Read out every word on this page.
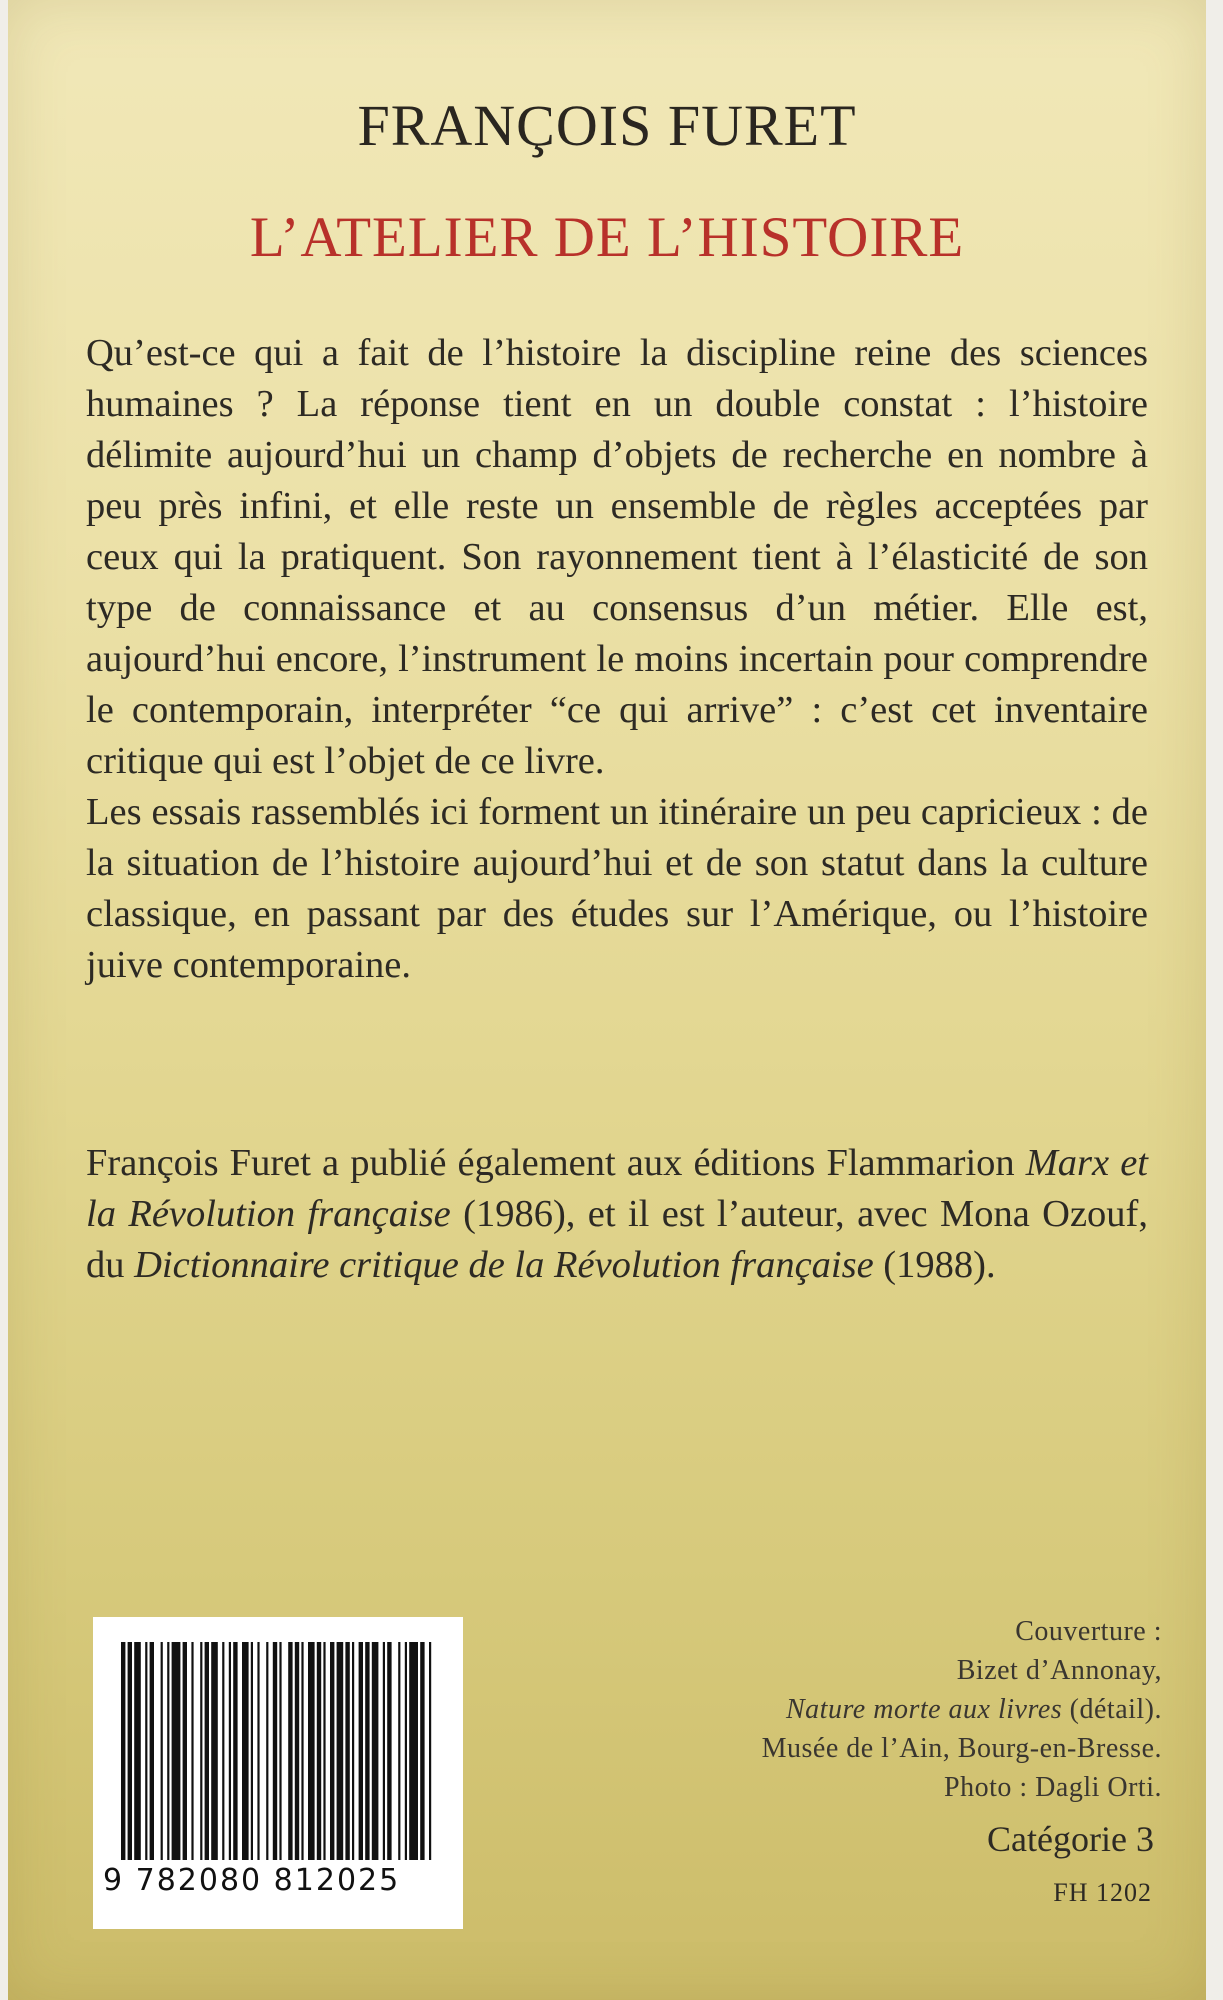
FRANÇOIS FURET
L’ATELIER DE L’HISTOIRE

Qu’est-ce qui a fait de l’histoire la discipline reine des sciences humaines ? La réponse tient en un double constat : l’histoire délimite aujourd’hui un champ d’objets de recherche en nombre à peu près infini, et elle reste un ensemble de règles acceptées par ceux qui la pratiquent. Son rayonnement tient à l’élasticité de son type de connaissance et au consensus d’un métier. Elle est, aujourd’hui encore, l’instrument le moins incertain pour comprendre le contemporain, interpréter “ce qui arrive” : c’est cet inventaire critique qui est l’objet de ce livre.

Les essais rassemblés ici forment un itinéraire un peu capricieux : de la situation de l’histoire aujourd’hui et de son statut dans la culture classique, en passant par des études sur l’Amérique, ou l’histoire juive contemporaine.

François Furet a publié également aux éditions Flammarion Marx et la Révolution française (1986), et il est l’auteur, avec Mona Ozouf, du Dictionnaire critique de la Révolution française (1988).
9 782080 812025
Couverture :
Bizet d’Annonay,
Nature morte aux livres (détail).
Musée de l’Ain, Bourg-en-Bresse.
Photo : Dagli Orti.
Catégorie 3
FH 1202
